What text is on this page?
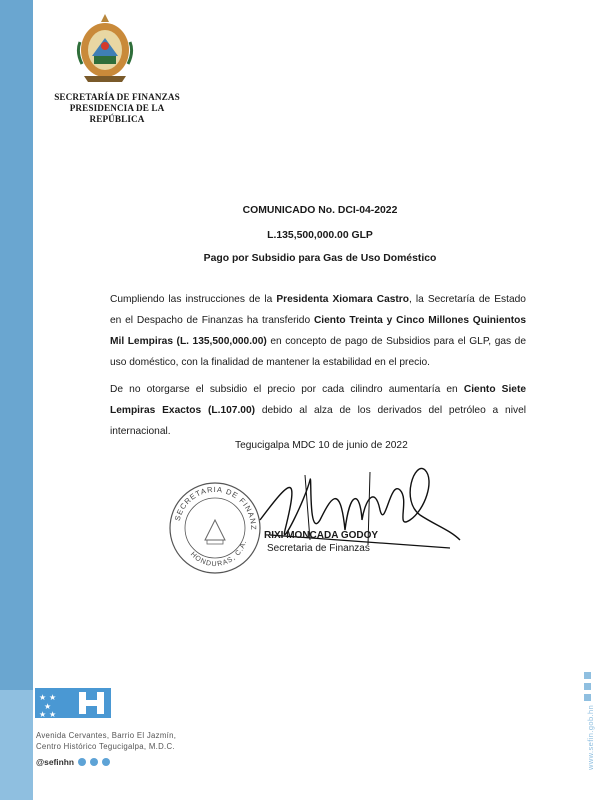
SECRETARÍA DE FINANZAS
PRESIDENCIA DE LA REPÚBLICA
COMUNICADO No. DCI-04-2022
L.135,500,000.00 GLP
Pago por Subsidio para Gas de Uso Doméstico
Cumpliendo las instrucciones de la Presidenta Xiomara Castro, la Secretaría de Estado en el Despacho de Finanzas ha transferido Ciento Treinta y Cinco Millones Quinientos Mil Lempiras (L. 135,500,000.00) en concepto de pago de Subsidios para el GLP, gas de uso doméstico, con la finalidad de mantener la estabilidad en el precio.
De no otorgarse el subsidio el precio por cada cilindro aumentaría en Ciento Siete Lempiras Exactos (L.107.00) debido al alza de los derivados del petróleo a nivel internacional.
Tegucigalpa MDC 10 de junio de 2022
SECRETARIA DE FINANZ
HONDURAS, C.A.
RIXI MONCADA GODOY
Secretaria de Finanzas
★ ★
★
★ ★
Avenida Cervantes, Barrio El Jazmín,
Centro Histórico Tegucigalpa, M.D.C.
@sefinhn	www.sefin.gob.hn
